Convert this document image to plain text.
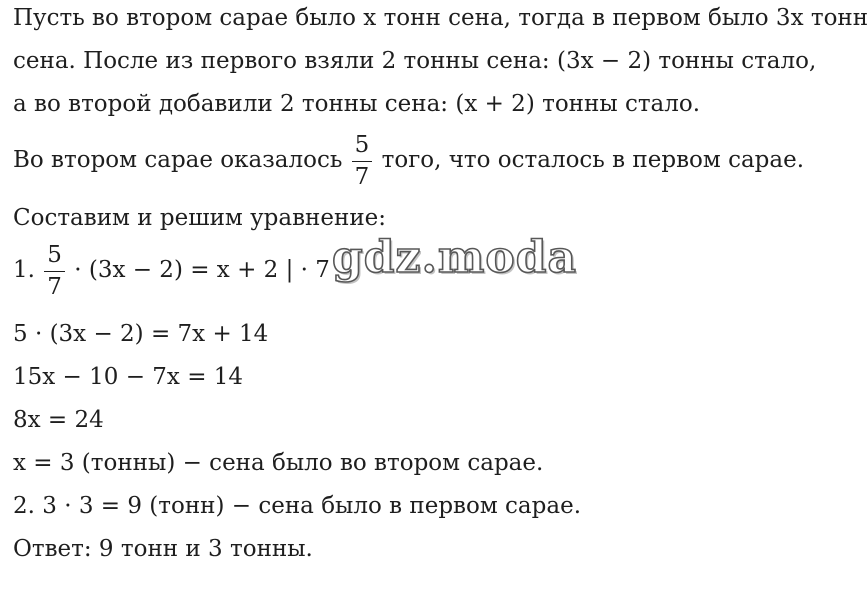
Пусть во втором сарае было x тонн сена, тогда в первом было 3x тонн
сена. После из первого взяли 2 тонны сена: (3x − 2) тонны стало,
а во второй добавили 2 тонны сена: (x + 2) тонны стало.
Во втором сарае оказалось $\frac{5}{7}$ того, что осталось в первом сарае.
Составим и решим уравнение:
1. $\frac{5}{7} \cdot (3x - 2) = x + 2$ | · 7
5 · (3x − 2) = 7x + 14
15x − 10 − 7x = 14
8x = 24
x = 3 (тонны) − сена было во втором сарае.
2. 3 · 3 = 9 (тонн) − сена было в первом сарае.
Ответ: 9 тонн и 3 тонны.
gdz.moda
